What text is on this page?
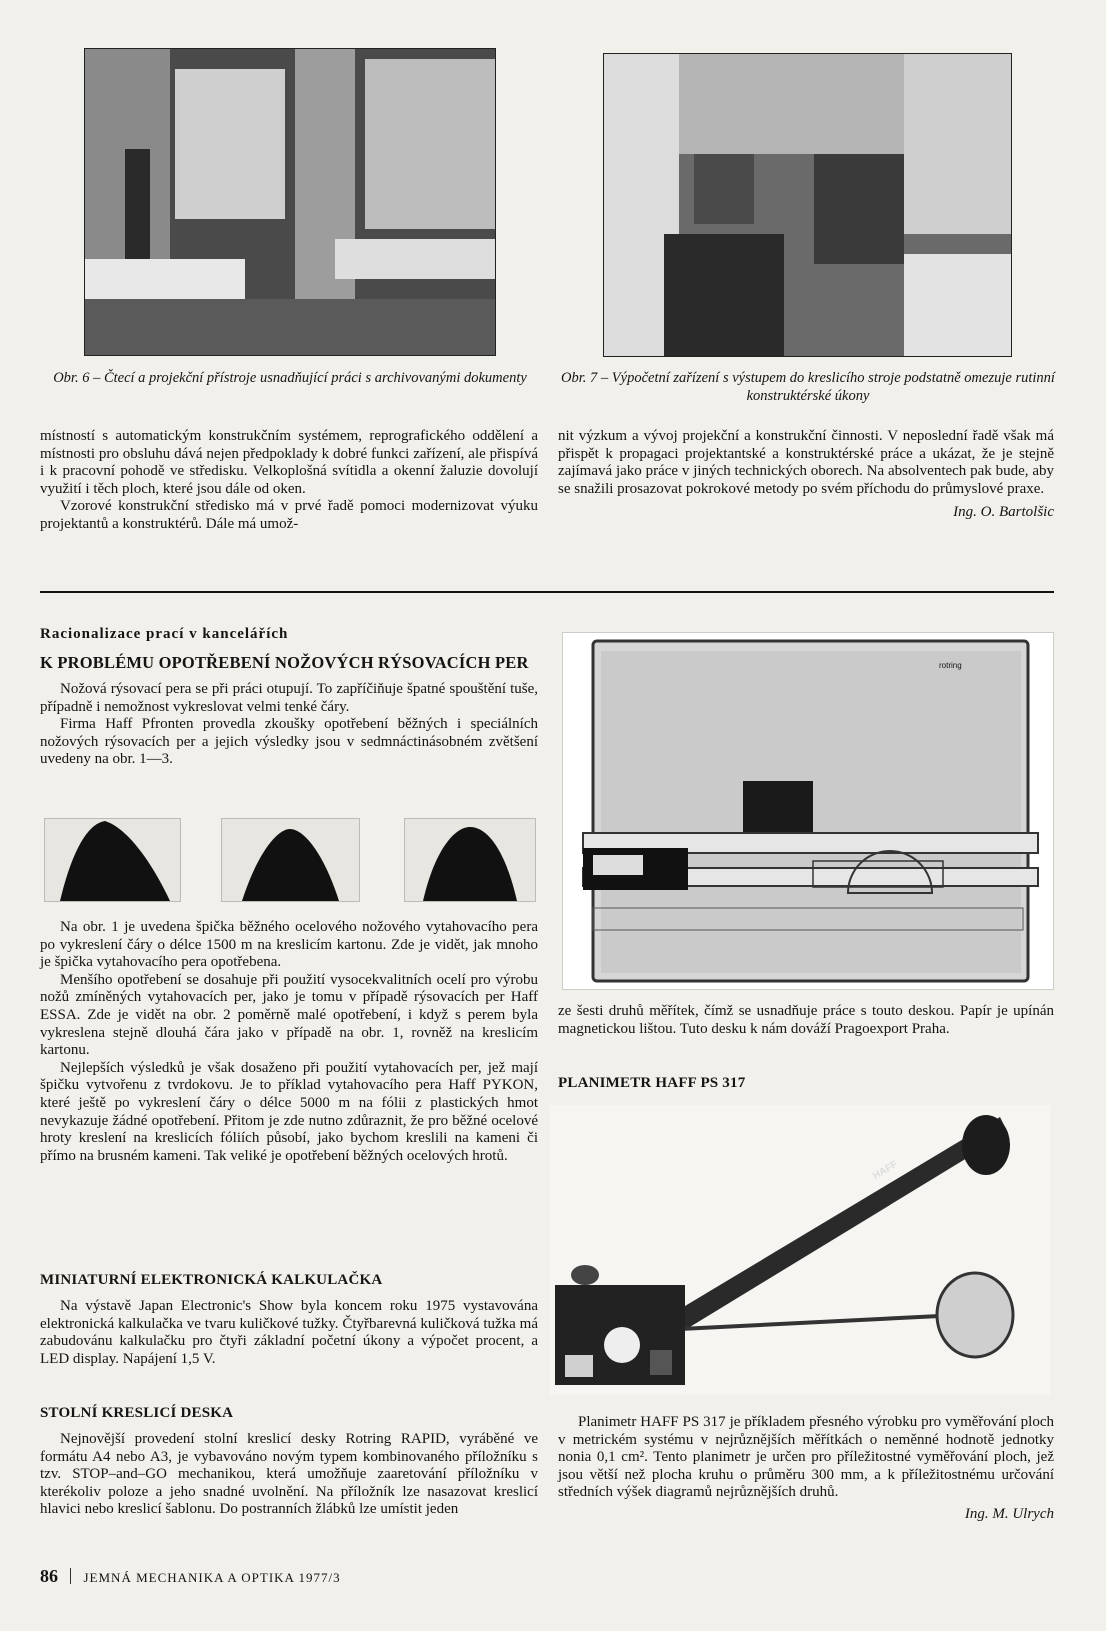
Obr. 6 – Čtecí a projekční přístroje usnadňující práci s archivovanými dokumenty	Obr. 7 – Výpočetní zařízení s výstupem do kreslicího stroje podstatně omezuje rutinní konstruktérské úkony

místností s automatickým konstrukčním systémem, reprografického oddělení a místnosti pro obsluhu dává nejen předpoklady k dobré funkci zařízení, ale přispívá i k pracovní pohodě ve středisku. Velkoplošná svítidla a okenní žaluzie dovolují využití i těch ploch, které jsou dále od oken.

Vzorové konstrukční středisko má v prvé řadě pomoci modernizovat výuku projektantů a konstruktérů. Dále má umož-

nit výzkum a vývoj projekční a konstrukční činnosti. V neposlední řadě však má přispět k propagaci projektantské a konstruktérské práce a ukázat, že je stejně zajímavá jako práce v jiných technických oborech. Na absolventech pak bude, aby se snažili prosazovat pokrokové metody po svém příchodu do průmyslové praxe.

Ing. O. Bartolšic
Racionalizace prací v kancelářích
K PROBLÉMU OPOTŘEBENÍ NOŽOVÝCH RÝSOVACÍCH PER

Nožová rýsovací pera se při práci otupují. To zapříčiňuje špatné spouštění tuše, případně i nemožnost vykreslovat velmi tenké čáry.

Firma Haff Pfronten provedla zkoušky opotřebení běžných i speciálních nožových rýsovacích per a jejich výsledky jsou v sedmnáctinásobném zvětšení uvedeny na obr. 1—3.

Na obr. 1 je uvedena špička běžného ocelového nožového vytahovacího pera po vykreslení čáry o délce 1500 m na kreslicím kartonu. Zde je vidět, jak mnoho je špička vytahovacího pera opotřebena.

Menšího opotřebení se dosahuje při použití vysocekvalitních ocelí pro výrobu nožů zmíněných vytahovacích per, jako je tomu v případě rýsovacích per Haff ESSA. Zde je vidět na obr. 2 poměrně malé opotřebení, i když s perem byla vykreslena stejně dlouhá čára jako v případě na obr. 1, rovněž na kreslicím kartonu.

Nejlepších výsledků je však dosaženo při použití vytahovacích per, jež mají špičku vytvořenu z tvrdokovu. Je to příklad vytahovacího pera Haff PYKON, které ještě po vykreslení čáry o délce 5000 m na fólii z plastických hmot nevykazuje žádné opotřebení. Přitom je zde nutno zdůraznit, že pro běžné ocelové hroty kreslení na kreslicích fóliích působí, jako bychom kreslili na kameni či přímo na brusném kameni. Tak veliké je opotřebení běžných ocelových hrotů.

MINIATURNÍ ELEKTRONICKÁ KALKULAČKA

Na výstavě Japan Electronic's Show byla koncem roku 1975 vystavována elektronická kalkulačka ve tvaru kuličkové tužky. Čtyřbarevná kuličková tužka má zabudovánu kalkulačku pro čtyři základní početní úkony a výpočet procent, a LED display. Napájení 1,5 V.

STOLNÍ KRESLICÍ DESKA

Nejnovější provedení stolní kreslicí desky Rotring RAPID, vyráběné ve formátu A4 nebo A3, je vybavováno novým typem kombinovaného příložníku s tzv. STOP–and–GO mechanikou, která umožňuje zaaretování příložníku v kterékoliv poloze a jeho snadné uvolnění. Na příložník lze nasazovat kreslicí hlavici nebo kreslicí šablonu. Do postranních žlábků lze umístit jeden

rotring

ze šesti druhů měřítek, čímž se usnadňuje práce s touto deskou. Papír je upínán magnetickou lištou. Tuto desku k nám dováží Pragoexport Praha.

PLANIMETR HAFF PS 317
HAFF

Planimetr HAFF PS 317 je příkladem přesného výrobku pro vyměřování ploch v metrickém systému v nejrůznějších měřítkách o neměnné hodnotě jednotky nonia 0,1 cm². Tento planimetr je určen pro příležitostné vyměřování ploch, jež jsou větší než plocha kruhu o průměru 300 mm, a k příležitostnému určování středních výšek diagramů nejrůznějších druhů.

Ing. M. Ulrych
86 JEMNÁ MECHANIKA A OPTIKA 1977/3
